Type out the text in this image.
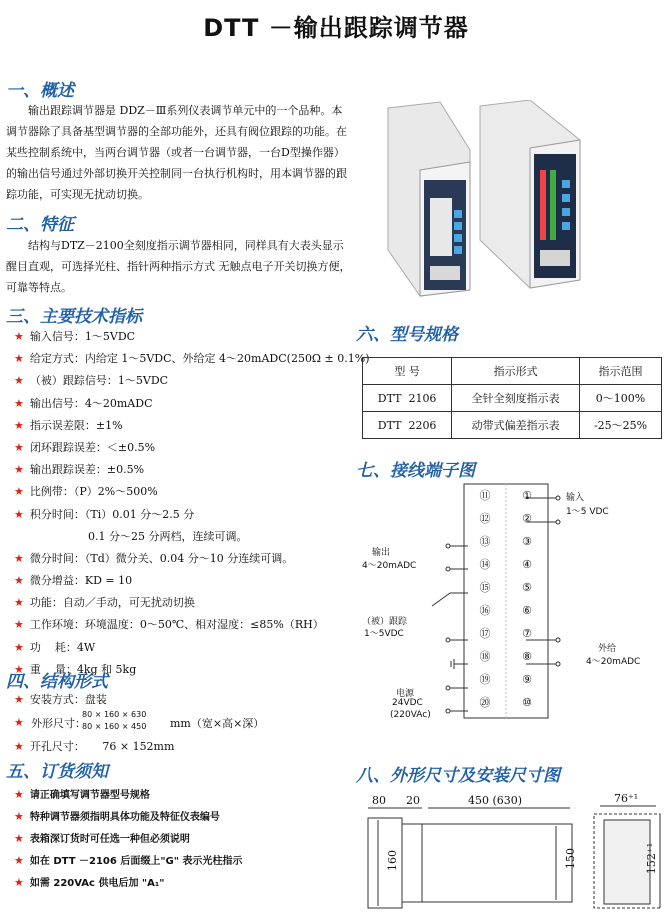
DTT －输出跟踪调节器
一、概述
输出跟踪调节器是 DDZ－Ⅲ系列仪表调节单元中的一个品种。本
调节器除了具备基型调节器的全部功能外，还具有阀位跟踪的功能。在
某些控制系统中，当两台调节器（或者一台调节器，一台D型操作器）
的输出信号通过外部切换开关控制同一台执行机构时，用本调节器的跟
踪功能，可实现无扰动切换。
二、特征
结构与DTZ－2100全刻度指示调节器相同，同样具有大表头显示
醒目直观，可选择光柱、指针两种指示方式 无触点电子开关切换方便，
可靠等特点。
三、主要技术指标
★ 输入信号：1～5VDC
★ 给定方式：内给定 1～5VDC、外给定 4～20mADC(250Ω ± 0.1%)
★ （被）跟踪信号：1～5VDC
★ 输出信号：4～20mADC
★ 指示误差限：±1%
★ 闭环跟踪误差：＜±0.5%
★ 输出跟踪误差：±0.5%
★ 比例带：（P）2%～500%
★ 积分时间：（Ti）0.01 分～2.5 分
0.1 分～25 分两档，连续可调。
★ 微分时间：（Td）微分关、0.04 分～10 分连续可调。
★ 微分增益：KD = 10
★ 功能：自动／手动，可无扰动切换
★ 工作环境：环境温度：0～50℃、相对湿度：≤85%（RH）
★ 功    耗：4W
★ 重    量：4kg 和 5kg
四、结构形式
★ 安装方式：盘装
★ 外形尺寸：
80 × 160 × 630
80 × 160 × 450 mm（宽×高×深）
★ 开孔尺寸：     76 × 152mm
五、订货须知
★ 请正确填写调节器型号规格
★ 特种调节器须指明具体功能及特征仪表编号
★ 表箱深订货时可任选一种但必须说明
★ 如在 DTT －2106 后面缀上"G" 表示光柱指示
★ 如需 220VAc 供电后加 "A₁"
六、型号规格
型 号	指示形式	指示范围
DTT  2106	全针全刻度指示表	0～100%
DTT  2206	动带式偏差指示表	-25～25%
七、接线端子图
⑪
⑫
⑬
⑭
⑮
⑯
⑰
⑱
⑲
⑳
①
②
③
④
⑤
⑥
⑦
⑧
⑨
⑩
输入
1～5 VDC
输出
4～20mADC
（被）跟踪
1～5VDC
外给
4～20mADC
电源
24VDC
(220VAc)
八、外形尺寸及安装尺寸图
80 20	450 (630)	76⁺¹
160	150	152⁺¹
